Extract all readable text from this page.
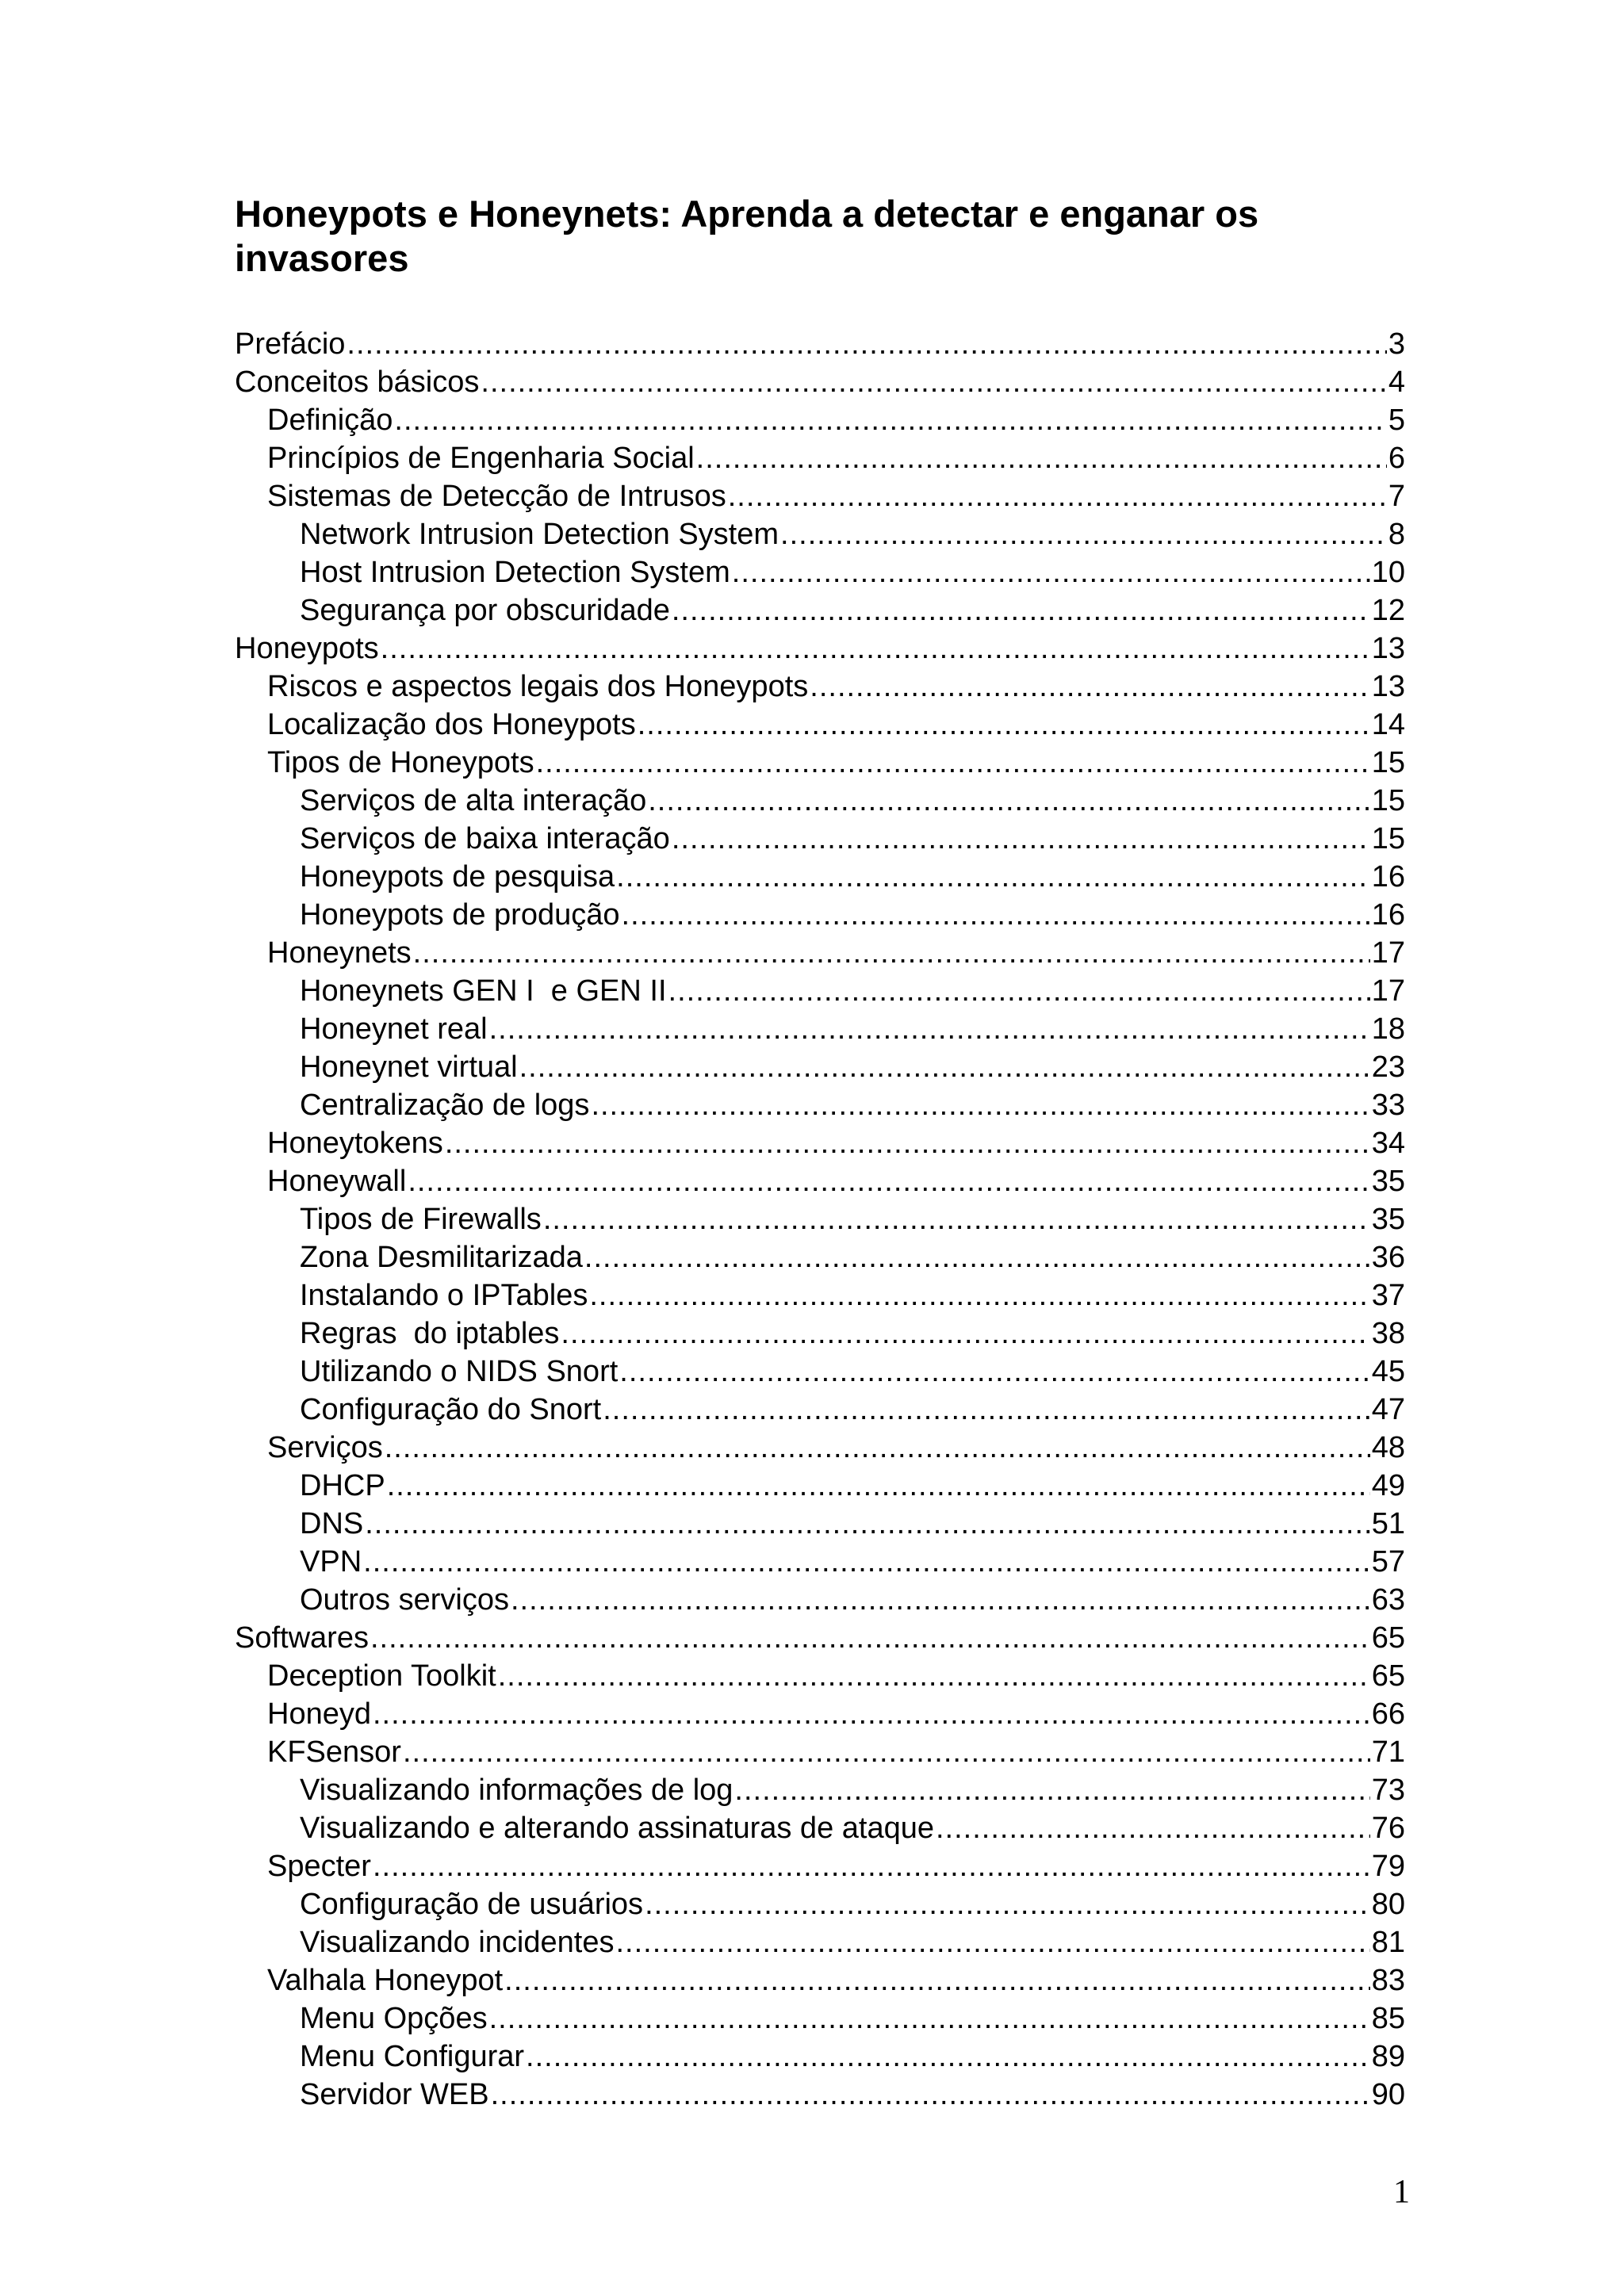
Honeypots e Honeynets: Aprenda a detectar e enganar os invasores
Prefácio .....	3
Conceitos básicos .....	4
Definição .....	5
Princípios de Engenharia Social .....	6
Sistemas de Detecção de Intrusos .....	7
Network Intrusion Detection System .....	8
Host Intrusion Detection System .....	10
Segurança por obscuridade .....	12
Honeypots .....	13
Riscos e aspectos legais dos Honeypots .....	13
Localização dos Honeypots .....	14
Tipos de Honeypots .....	15
Serviços de alta interação .....	15
Serviços de baixa interação .....	15
Honeypots de pesquisa .....	16
Honeypots de produção .....	16
Honeynets .....	17
Honeynets GEN I  e GEN II .....	17
Honeynet real .....	18
Honeynet virtual .....	23
Centralização de logs .....	33
Honeytokens .....	34
Honeywall .....	35
Tipos de Firewalls .....	35
Zona Desmilitarizada .....	36
Instalando o IPTables .....	37
Regras  do iptables .....	38
Utilizando o NIDS Snort .....	45
Configuração do Snort .....	47
Serviços .....	48
DHCP .....	49
DNS .....	51
VPN .....	57
Outros serviços .....	63
Softwares .....	65
Deception Toolkit .....	65
Honeyd .....	66
KFSensor .....	71
Visualizando informações de log .....	73
Visualizando e alterando assinaturas de ataque .....	76
Specter .....	79
Configuração de usuários .....	80
Visualizando incidentes .....	81
Valhala Honeypot .....	83
Menu Opções .....	85
Menu Configurar .....	89
Servidor WEB .....	90
1
